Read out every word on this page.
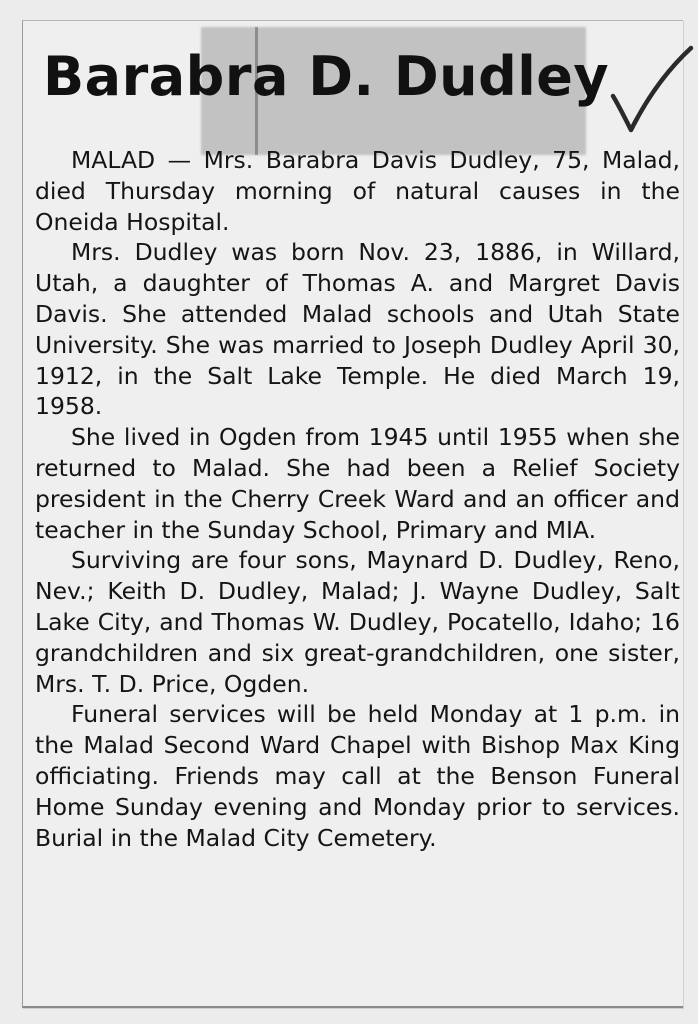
Barabra D. Dudley

MALAD — Mrs. Barabra Davis Dudley, 75, Malad, died Thursday morning of natural causes in the Oneida Hospital.

Mrs. Dudley was born Nov. 23, 1886, in Willard, Utah, a daughter of Thomas A. and Margret Davis Davis. She attended Malad schools and Utah State University. She was married to Joseph Dudley April 30, 1912, in the Salt Lake Temple. He died March 19, 1958.

She lived in Ogden from 1945 until 1955 when she returned to Malad. She had been a Relief Society president in the Cherry Creek Ward and an officer and teacher in the Sunday School, Primary and MIA.

Surviving are four sons, Maynard D. Dudley, Reno, Nev.; Keith D. Dudley, Malad; J. Wayne Dudley, Salt Lake City, and Thomas W. Dudley, Pocatello, Idaho; 16 grandchildren and six great-grandchildren, one sister, Mrs. T. D. Price, Ogden.

Funeral services will be held Monday at 1 p.m. in the Malad Second Ward Chapel with Bishop Max King officiating. Friends may call at the Benson Funeral Home Sunday evening and Monday prior to services. Burial in the Malad City Cemetery.
